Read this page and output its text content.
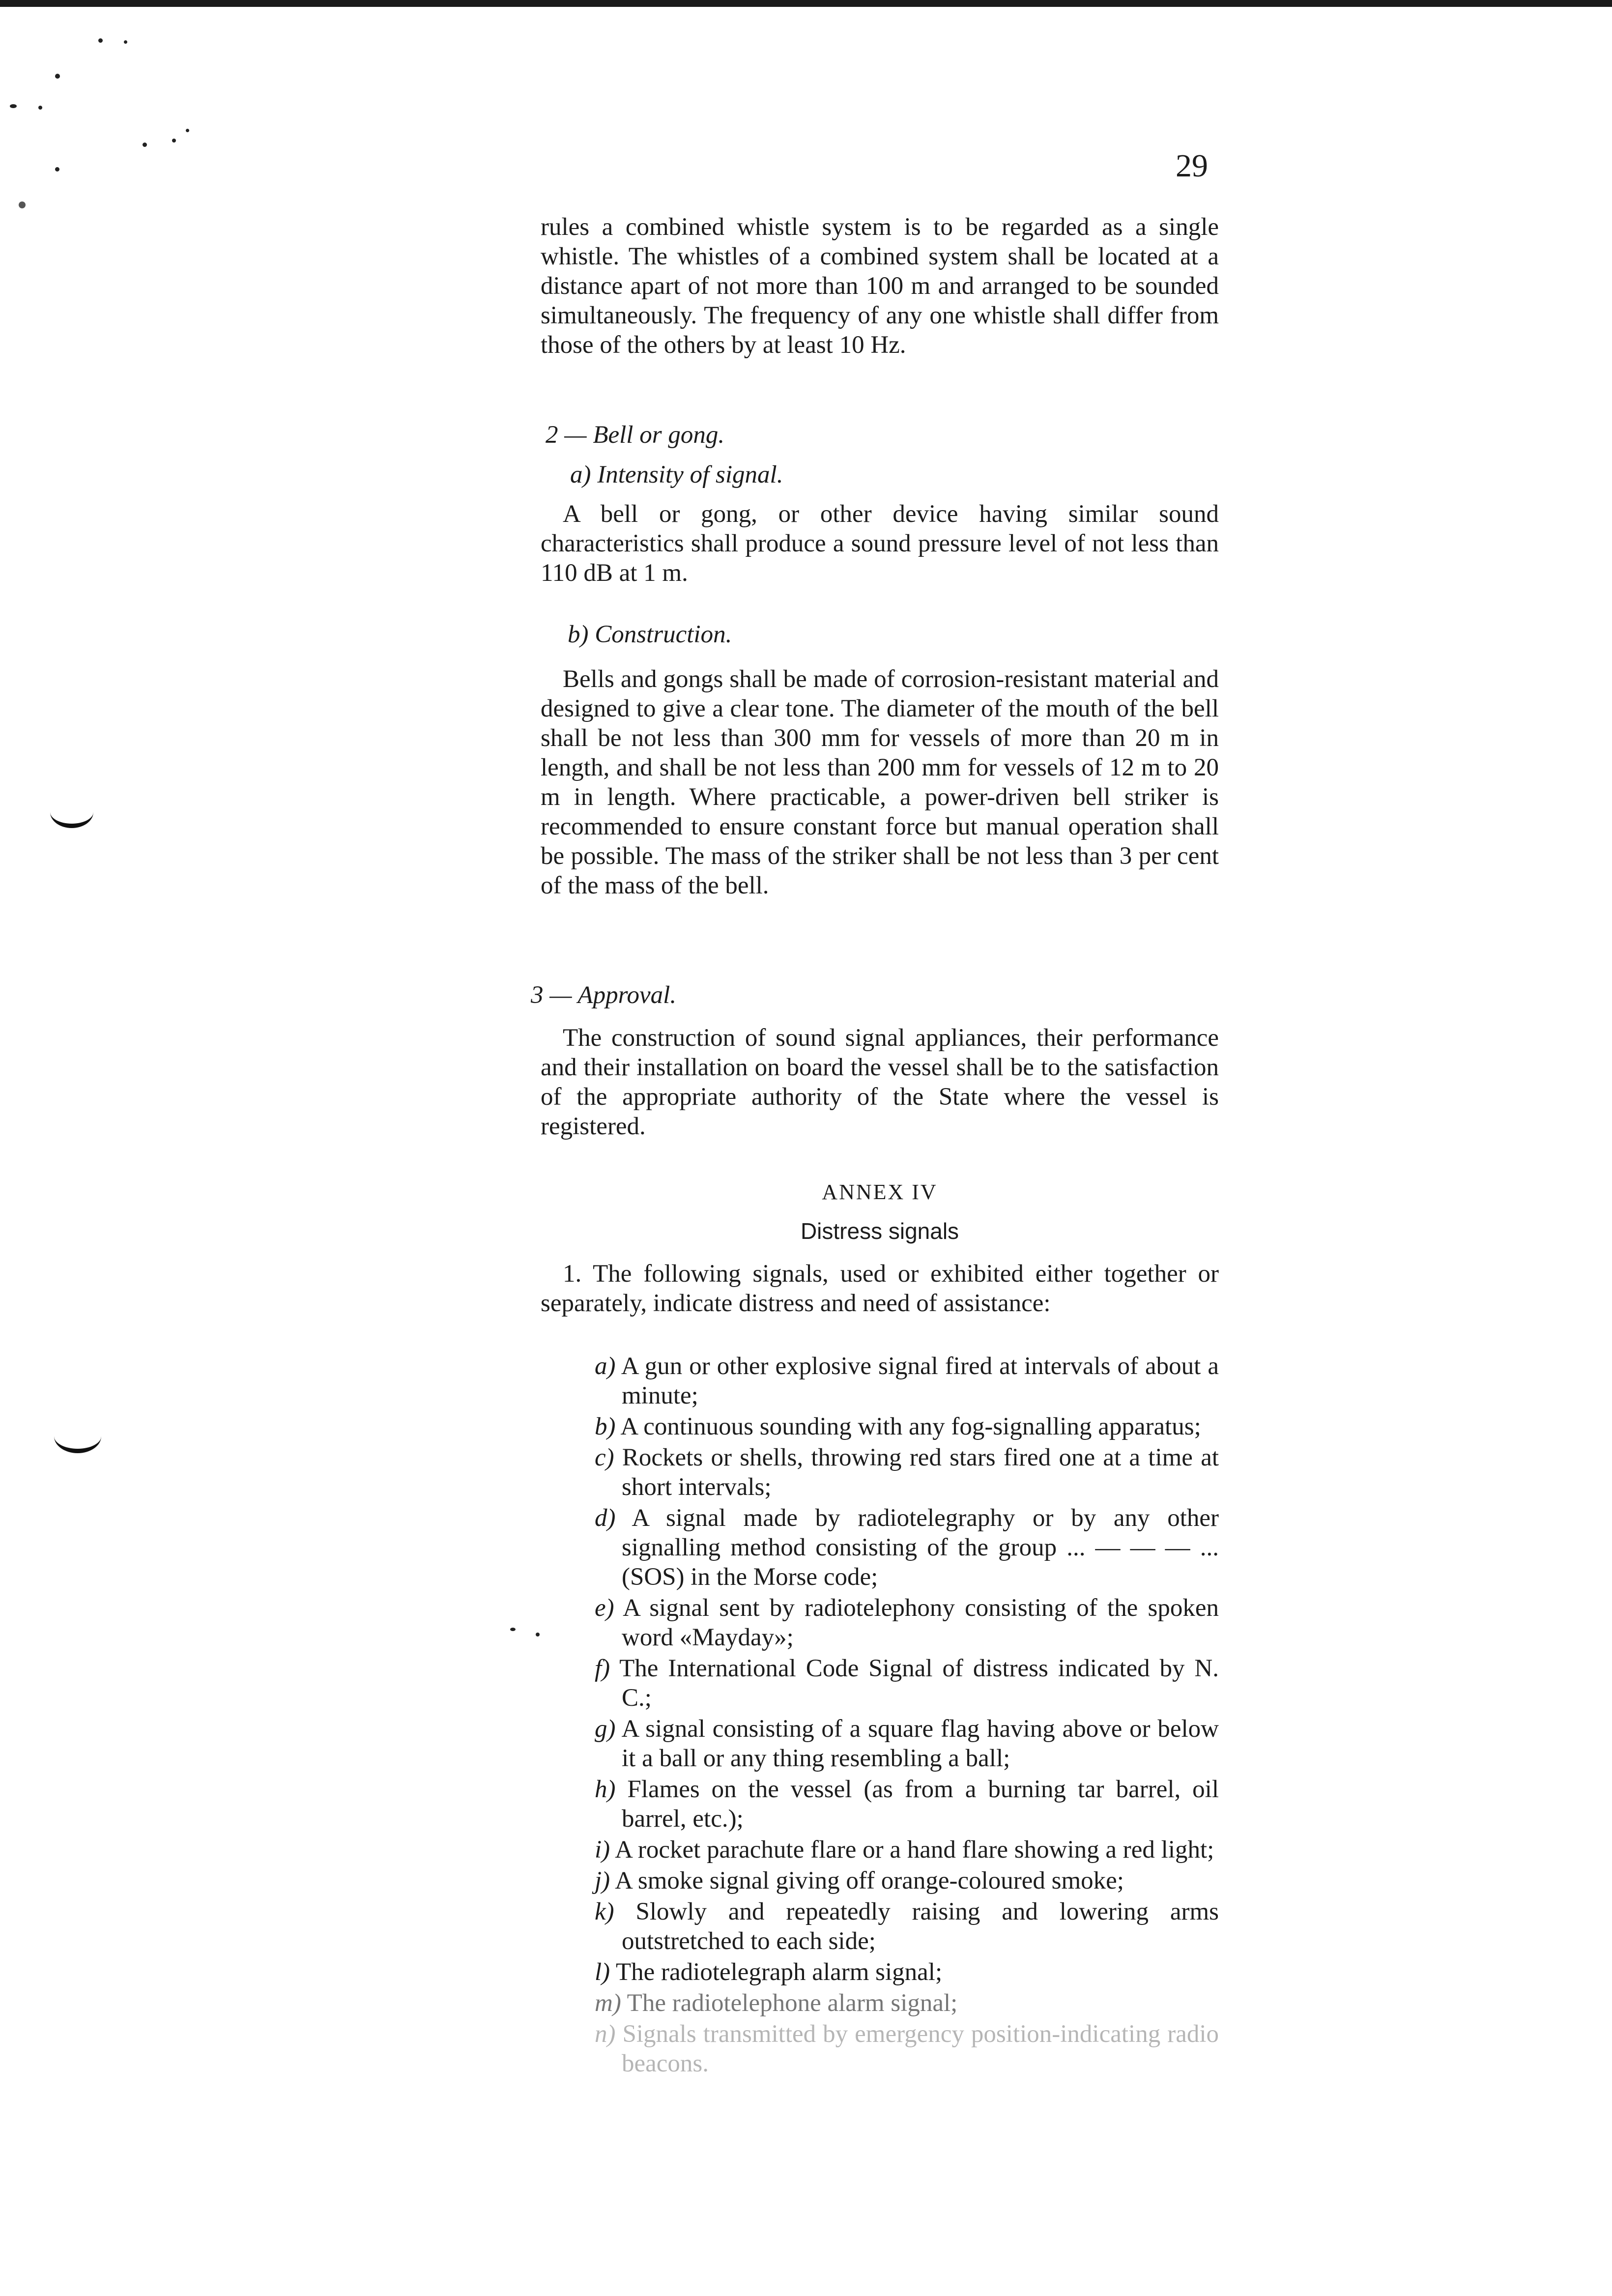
29

rules a combined whistle system is to be regarded as a single whistle. The whistles of a combined system shall be located at a distance apart of not more than 100 m and arranged to be sounded simultaneously. The frequency of any one whistle shall differ from those of the others by at least 10 Hz.

2 — Bell or gong.
a) Intensity of signal.

A bell or gong, or other device having similar sound characteristics shall produce a sound pressure level of not less than 110 dB at 1 m.

b) Construction.

Bells and gongs shall be made of corrosion-resistant material and designed to give a clear tone. The diameter of the mouth of the bell shall be not less than 300 mm for vessels of more than 20 m in length, and shall be not less than 200 mm for vessels of 12 m to 20 m in length. Where practicable, a power-driven bell striker is recommended to ensure constant force but manual operation shall be possible. The mass of the striker shall be not less than 3 per cent of the mass of the bell.

3 — Approval.

The construction of sound signal appliances, their performance and their installation on board the vessel shall be to the satisfaction of the appropriate authority of the State where the vessel is registered.

ANNEX IV
Distress signals

1. The following signals, used or exhibited either together or separately, indicate distress and need of assistance:

a) A gun or other explosive signal fired at intervals of about a minute;
b) A continuous sounding with any fog-signalling apparatus;
c) Rockets or shells, throwing red stars fired one at a time at short intervals;
d) A signal made by radiotelegraphy or by any other signalling method consisting of the group ... — — — ... (SOS) in the Morse code;
e) A signal sent by radiotelephony consisting of the spoken word «Mayday»;
f) The International Code Signal of distress indicated by N. C.;
g) A signal consisting of a square flag having above or below it a ball or any thing resembling a ball;
h) Flames on the vessel (as from a burning tar barrel, oil barrel, etc.);
i) A rocket parachute flare or a hand flare showing a red light;
j) A smoke signal giving off orange-coloured smoke;
k) Slowly and repeatedly raising and lowering arms outstretched to each side;
l) The radiotelegraph alarm signal;
m) The radiotelephone alarm signal;
n) Signals transmitted by emergency position-indicating radio beacons.
